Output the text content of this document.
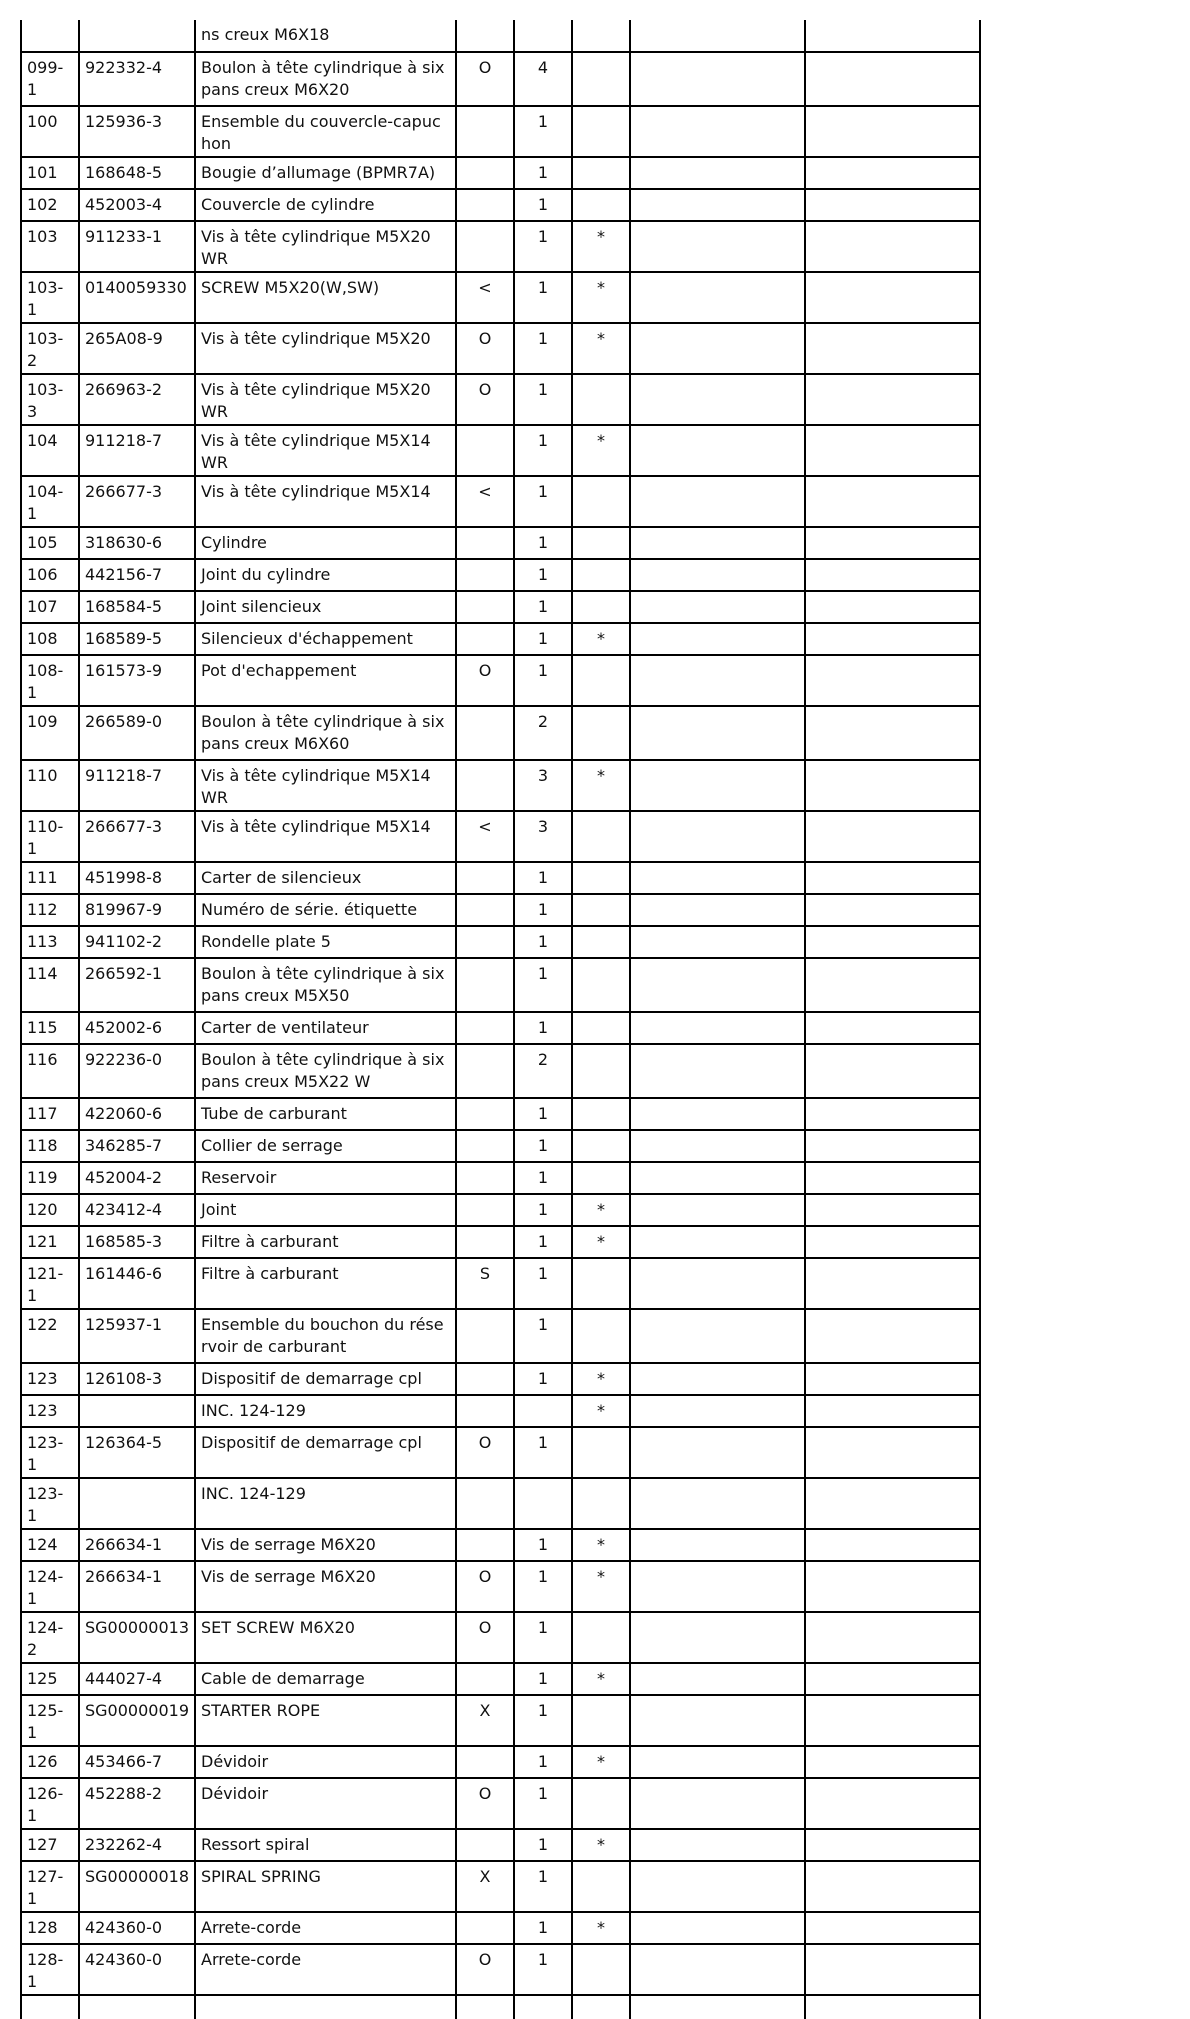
		ns creux M6X18					
099-1	922332-4	Boulon à tête cylindrique à six pans creux M6X20	O	4			
100	125936-3	Ensemble du couvercle-capuchon		1			
101	168648-5	Bougie d’allumage (BPMR7A)		1			
102	452003-4	Couvercle de cylindre		1			
103	911233-1	Vis à tête cylindrique M5X20 WR		1	*		
103-1	0140059330	SCREW M5X20(W,SW)	<	1	*		
103-2	265A08-9	Vis à tête cylindrique M5X20	O	1	*		
103-3	266963-2	Vis à tête cylindrique M5X20 WR	O	1			
104	911218-7	Vis à tête cylindrique M5X14 WR		1	*		
104-1	266677-3	Vis à tête cylindrique M5X14	<	1			
105	318630-6	Cylindre		1			
106	442156-7	Joint du cylindre		1			
107	168584-5	Joint silencieux		1			
108	168589-5	Silencieux d'échappement		1	*		
108-1	161573-9	Pot d'echappement	O	1			
109	266589-0	Boulon à tête cylindrique à six pans creux M6X60		2			
110	911218-7	Vis à tête cylindrique M5X14 WR		3	*		
110-1	266677-3	Vis à tête cylindrique M5X14	<	3			
111	451998-8	Carter de silencieux		1			
112	819967-9	Numéro de série. étiquette		1			
113	941102-2	Rondelle plate 5		1			
114	266592-1	Boulon à tête cylindrique à six pans creux M5X50		1			
115	452002-6	Carter de ventilateur		1			
116	922236-0	Boulon à tête cylindrique à six pans creux M5X22 W		2			
117	422060-6	Tube de carburant		1			
118	346285-7	Collier de serrage		1			
119	452004-2	Reservoir		1			
120	423412-4	Joint		1	*		
121	168585-3	Filtre à carburant		1	*		
121-1	161446-6	Filtre à carburant	S	1			
122	125937-1	Ensemble du bouchon du réservoir de carburant		1			
123	126108-3	Dispositif de demarrage cpl		1	*		
123		INC. 124-129			*		
123-1	126364-5	Dispositif de demarrage cpl	O	1			
123-1		INC. 124-129					
124	266634-1	Vis de serrage M6X20		1	*		
124-1	266634-1	Vis de serrage M6X20	O	1	*		
124-2	SG00000013	SET SCREW M6X20	O	1			
125	444027-4	Cable de demarrage		1	*		
125-1	SG00000019	STARTER ROPE	X	1			
126	453466-7	Dévidoir		1	*		
126-1	452288-2	Dévidoir	O	1			
127	232262-4	Ressort spiral		1	*		
127-1	SG00000018	SPIRAL SPRING	X	1			
128	424360-0	Arrete-corde		1	*		
128-1	424360-0	Arrete-corde	O	1			
